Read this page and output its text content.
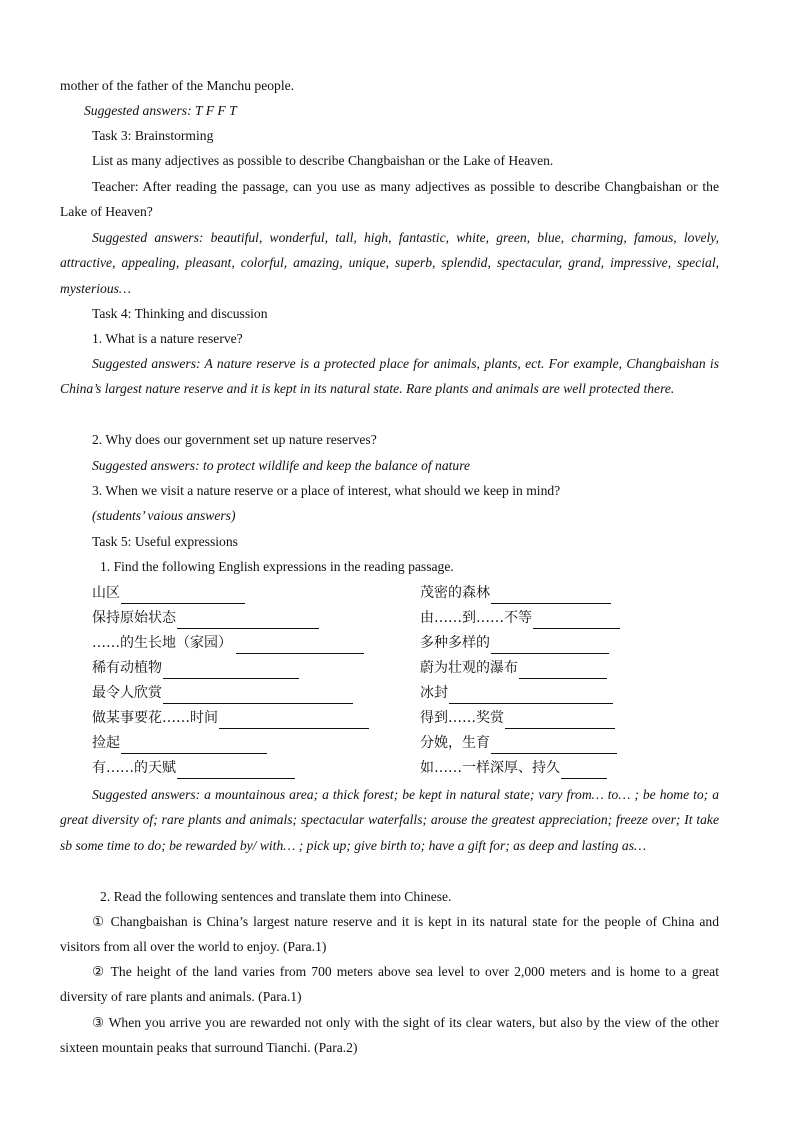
mother of the father of the Manchu people.
Suggested answers: T F F T
Task 3: Brainstorming
List as many adjectives as possible to describe Changbaishan or the Lake of Heaven.
Teacher: After reading the passage, can you use as many adjectives as possible to describe Changbaishan or the Lake of Heaven?
Suggested answers: beautiful, wonderful, tall, high, fantastic, white, green, blue, charming, famous, lovely, attractive, appealing, pleasant, colorful, amazing, unique, superb, splendid, spectacular, grand, impressive, special, mysterious…
Task 4: Thinking and discussion
1. What is a nature reserve?
Suggested answers: A nature reserve is a protected place for animals, plants, ect. For example, Changbaishan is China’s largest nature reserve and it is kept in its natural state. Rare plants and animals are well protected there.
2. Why does our government set up nature reserves?
Suggested answers: to protect wildlife and keep the balance of nature
3. When we visit a nature reserve or a place of interest, what should we keep in mind?
(students’ vaious answers)
Task 5: Useful expressions
1. Find the following English expressions in the reading passage.
山区	茂密的森林
保持原始状态	由……到……不等
……的生长地（家园）	多种多样的
稀有动植物	蔚为壮观的瀑布
最令人欣赏	冰封
做某事要花……时间	得到……奖赏
捡起	分娩，生育
有……的天赋	如……一样深厚、持久
Suggested answers: a mountainous area; a thick forest; be kept in natural state; vary from… to… ; be home to; a great diversity of; rare plants and animals; spectacular waterfalls; arouse the greatest appreciation; freeze over; It take sb some time to do; be rewarded by/ with… ; pick up; give birth to; have a gift for; as deep and lasting as…
2. Read the following sentences and translate them into Chinese.
① Changbaishan is China’s largest nature reserve and it is kept in its natural state for the people of China and visitors from all over the world to enjoy. (Para.1)
② The height of the land varies from 700 meters above sea level to over 2,000 meters and is home to a great diversity of rare plants and animals. (Para.1)
③ When you arrive you are rewarded not only with the sight of its clear waters, but also by the view of the other sixteen mountain peaks that surround Tianchi. (Para.2)
